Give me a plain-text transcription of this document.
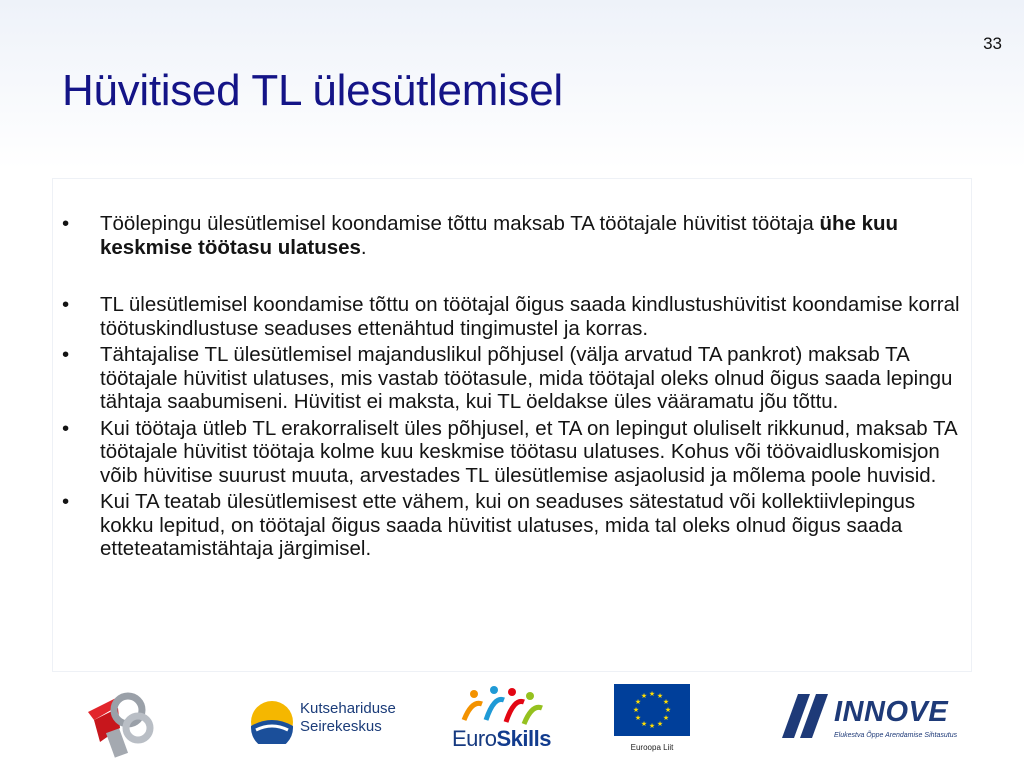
33
Hüvitised TL ülesütlemisel
• Töölepingu ülesütlemisel koondamise tõttu maksab TA töötajale hüvitist töötaja ühe kuu keskmise töötasu ulatuses.
• TL ülesütlemisel koondamise tõttu on töötajal õigus saada kindlustushüvitist koondamise korral töötuskindlustuse seaduses ettenähtud tingimustel ja korras.
• Tähtajalise TL ülesütlemisel majanduslikul põhjusel (välja arvatud TA pankrot) maksab TA töötajale hüvitist ulatuses, mis vastab töötasule, mida töötajal oleks olnud õigus saada lepingu tähtaja saabumiseni. Hüvitist ei maksta, kui TL öeldakse üles vääramatu jõu tõttu.
• Kui töötaja ütleb TL erakorraliselt üles põhjusel, et TA on lepingut oluliselt rikkunud, maksab TA töötajale hüvitist töötaja kolme kuu keskmise töötasu ulatuses. Kohus või töövaidluskomisjon võib hüvitise suurust muuta, arvestades TL ülesütlemise asjaolusid ja mõlema poole huvisid.
• Kui TA teatab ülesütlemisest ette vähem, kui on seaduses sätestatud või kollektiivlepingus kokku lepitud, on töötajal õigus saada hüvitist ulatuses, mida tal oleks olnud õigus saada etteteatamistähtaja järgimisel.
Kutsehariduse
Seirekeskus	EuroSkills
★ ★
★
★
★
★
★
★
★
★
★
★
Euroopa Liit
INNOVE
Elukestva Õppe Arendamise Sihtasutus
